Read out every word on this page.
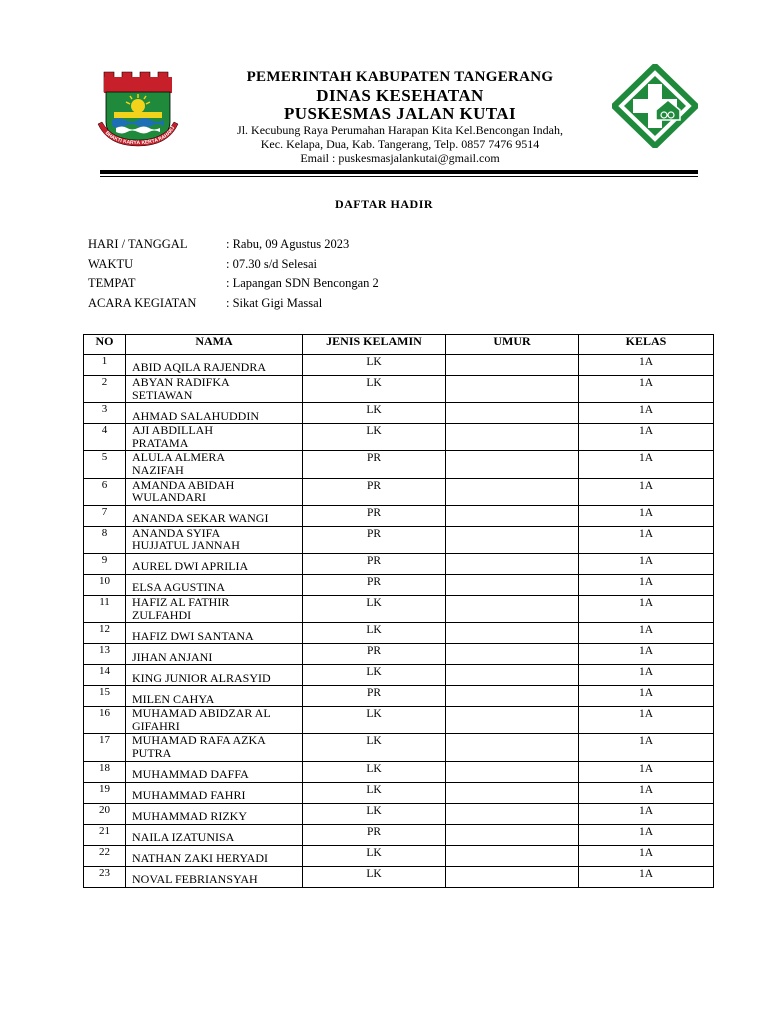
BHAKTI KARYA KERTA RAHARJ
PEMERINTAH KABUPATEN TANGERANG
DINAS KESEHATAN
PUSKESMAS JALAN KUTAI
Jl. Kecubung Raya Perumahan Harapan Kita Kel.Bencongan Indah,
Kec. Kelapa, Dua, Kab. Tangerang, Telp. 0857 7476 9514
Email : puskesmasjalankutai@gmail.com
DAFTAR HADIR
HARI / TANGGAL	: Rabu, 09 Agustus 2023
WAKTU	: 07.30 s/d Selesai
TEMPAT	: Lapangan SDN Bencongan 2
ACARA KEGIATAN : Sikat Gigi Massal
NO	NAMA	JENIS KELAMIN	UMUR	KELAS
1	ABID AQILA RAJENDRA	LK		1A
2	ABYAN RADIFKA
SETIAWAN	LK		1A
3	AHMAD SALAHUDDIN	LK		1A
4	AJI ABDILLAH
PRATAMA	LK		1A
5	ALULA ALMERA
NAZIFAH	PR		1A
6	AMANDA ABIDAH
WULANDARI	PR		1A
7	ANANDA SEKAR WANGI	PR		1A
8	ANANDA SYIFA
HUJJATUL JANNAH	PR		1A
9	AUREL DWI APRILIA	PR		1A
10	ELSA AGUSTINA	PR		1A
11	HAFIZ AL FATHIR
ZULFAHDI	LK		1A
12	HAFIZ DWI SANTANA	LK		1A
13	JIHAN ANJANI	PR		1A
14	KING JUNIOR ALRASYID	LK		1A
15	MILEN CAHYA	PR		1A
16	MUHAMAD ABIDZAR AL
GIFAHRI	LK		1A
17	MUHAMAD RAFA AZKA
PUTRA	LK		1A
18	MUHAMMAD DAFFA	LK		1A
19	MUHAMMAD FAHRI	LK		1A
20	MUHAMMAD RIZKY	LK		1A
21	NAILA IZATUNISA	PR		1A
22	NATHAN ZAKI HERYADI	LK		1A
23	NOVAL FEBRIANSYAH	LK		1A
